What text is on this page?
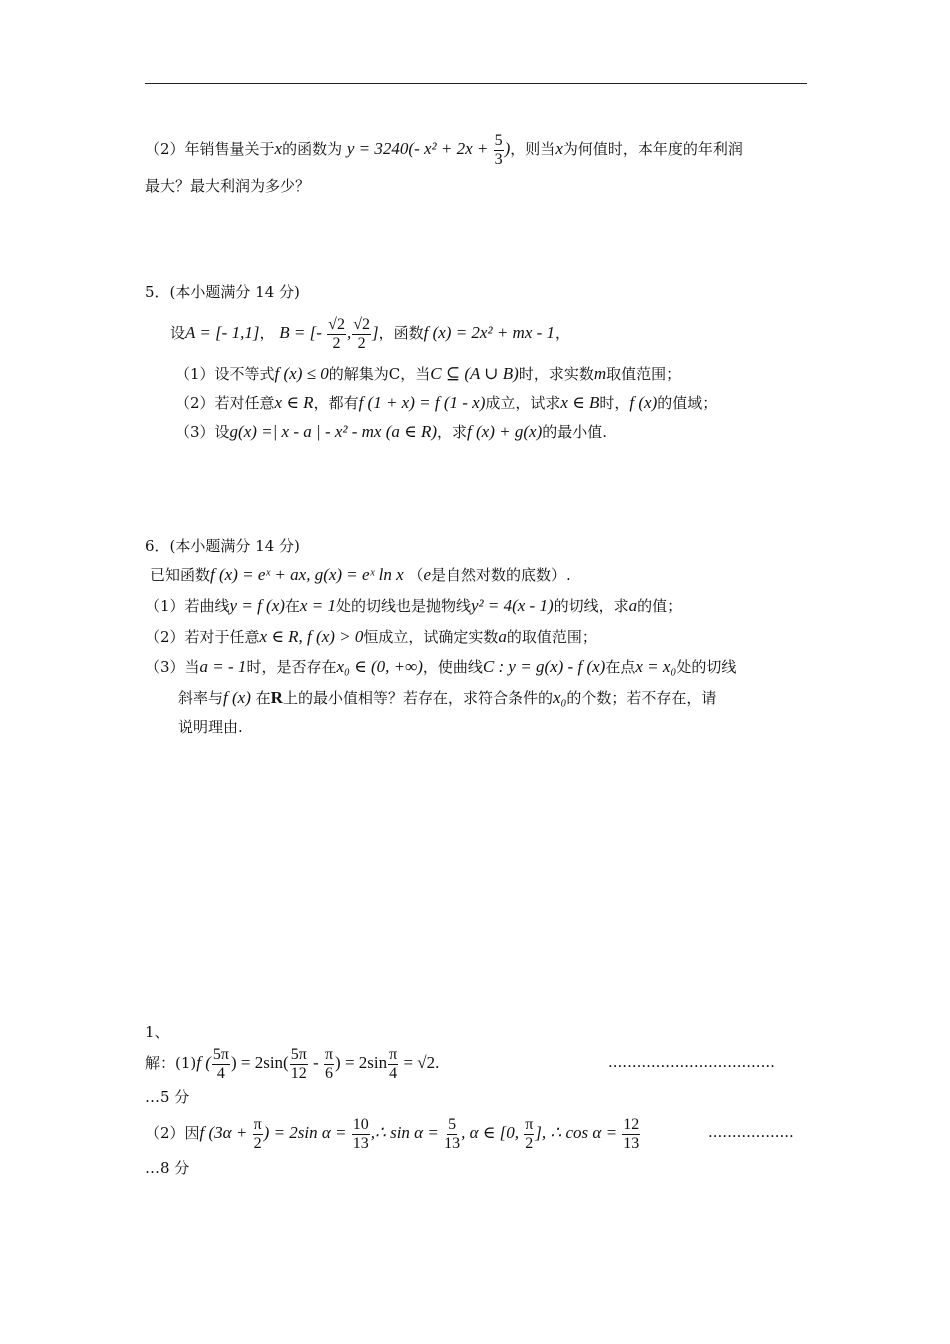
（2）年销售量关于x的函数为 y = 3240(- $x^2 + 2x + \frac{5}{3}$ )，则当x为何值时，本年度的年利润
最大？最大利润为多少？
5．(本小题满分 14 分)
设A = [- 1,1]， B = [- $\frac{√2}{2}$ , $\frac{√2}{2}$ ]，函数f (x) = 2x² + mx - 1，
（1）设不等式f (x) ≤ 0的解集为C，当C ⊆ (A ∪ B)时，求实数m取值范围；
（2）若对任意x ∈ R，都有f (1 + x) = f (1 - x)成立，试求x ∈ B时，f (x)的值域；
（3）设g(x) =| x - a | - x² - mx (a ∈ R)，求f (x) + g(x)的最小值.
6．(本小题满分 14 分)
已知函数f (x) = eˣ + ax, g(x) = eˣ ln x （e是自然对数的底数）.
（1）若曲线y = f (x)在x = 1处的切线也是抛物线y² = 4(x - 1)的切线，求a的值；
（2）若对于任意x ∈ R, f (x) > 0恒成立，试确定实数a的取值范围；
（3）当a = - 1时，是否存在x₀ ∈ (0, +∞)，使曲线C : y = g(x) - f (x)在点x = x₀处的切线
斜率与f (x) 在R上的最小值相等？若存在，求符合条件的x₀的个数；若不存在，请
说明理由.
1、
解：(1)f ( $\frac{5\pi}{4}$ ) = $2\sin( \frac{5\pi}{12} - \frac{\pi}{6}$ ) = $2\sin \frac{\pi}{4} = √2$.	...................................
…5 分
（2）因f ($3\alpha + \frac{\pi}{2}$ ) = 2sin $\alpha = \frac{10}{13}$ ,∴ $\sin \alpha = \frac{5}{13}$ , α ∈ [0, $\frac{\pi}{2}$ ], ∴ $\cos \alpha = \frac{12}{13}$	..................
…8 分
